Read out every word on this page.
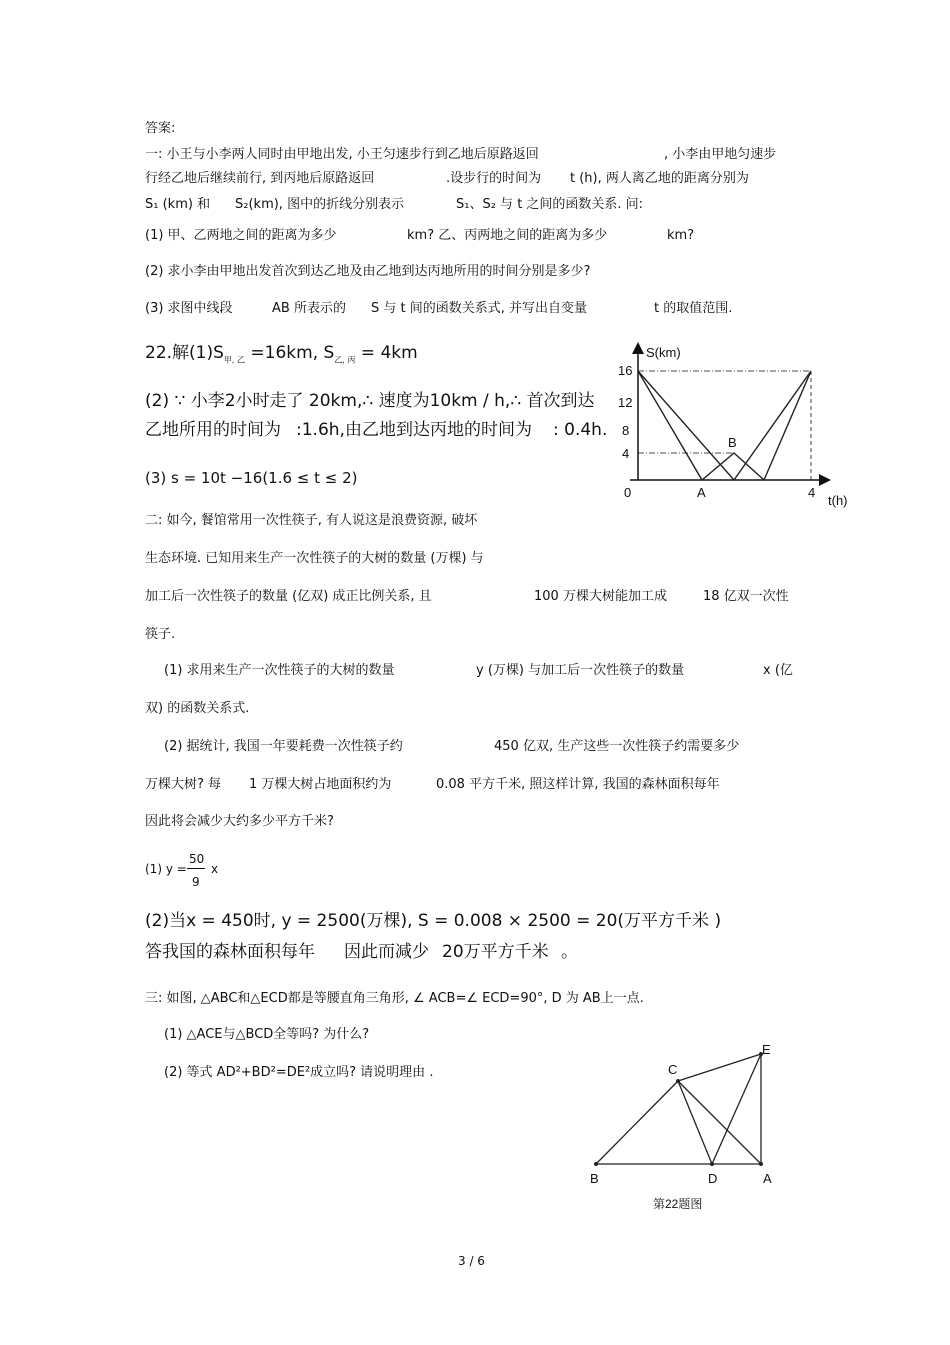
答案:
一: 小王与小李两人同时由甲地出发, 小王匀速步行到乙地后原路返回	, 小李由甲地匀速步
行经乙地后继续前行, 到丙地后原路返回	.设步行的时间为 t (h), 两人离乙地的距离分别为
S₁ (km) 和 S₂(km), 图中的折线分别表示	S₁、S₂ 与 t 之间的函数关系. 问:
(1) 甲、乙两地之间的距离为多少	km? 乙、丙两地之间的距离为多少	km?
(2) 求小李由甲地出发首次到达乙地及由乙地到达丙地所用的时间分别是多少?
(3) 求图中线段	AB 所表示的 S 与 t 间的函数关系式, 并写出自变量	t 的取值范围.
22.解$(1)S_{甲, 乙} =16km$, $S_{乙, 丙} = 4km$
(2) ∵ 小李2小时走了 20km,∴ 速度为10km / h,∴ 首次到达
乙地所用的时间为 :1.6h,由乙地到达丙地的时间为 : 0.4h.
(3) s = 10t −16(1.6 ≤ t ≤ 2)
S(km)
16
12
8
4
0	A
B
4
t(h)
二: 如今, 餐馆常用一次性筷子, 有人说这是浪费资源, 破坏
生态环境. 已知用来生产一次性筷子的大树的数量 (万棵) 与
加工后一次性筷子的数量 (亿双) 成正比例关系, 且	100 万棵大树能加工成	18 亿双一次性
筷子.
(1) 求用来生产一次性筷子的大树的数量	y (万棵) 与加工后一次性筷子的数量	x (亿
双) 的函数关系式.
(2) 据统计, 我国一年要耗费一次性筷子约	450 亿双, 生产这些一次性筷子约需要多少
万棵大树? 每 1 万棵大树占地面积约为	0.08 平方千米, 照这样计算, 我国的森林面积每年
因此将会减少大约多少平方千米?
(1) y =
50
9
x
(2)当x = 450时, y = 2500(万棵), S = 0.008 × 2500 = 20(万平方千米 )
答我国的森林面积每年 因此而减少 20万平方千米 。
三: 如图, △ABC和△ECD都是等腰直角三角形, ∠ ACB=∠ ECD=90°, D 为 AB上一点.
(1) △ACE与△BCD全等吗? 为什么?
(2) 等式 AD²+BD²=DE²成立吗? 请说明理由 .	C
E
B	D	A
第22题图
3 / 6
